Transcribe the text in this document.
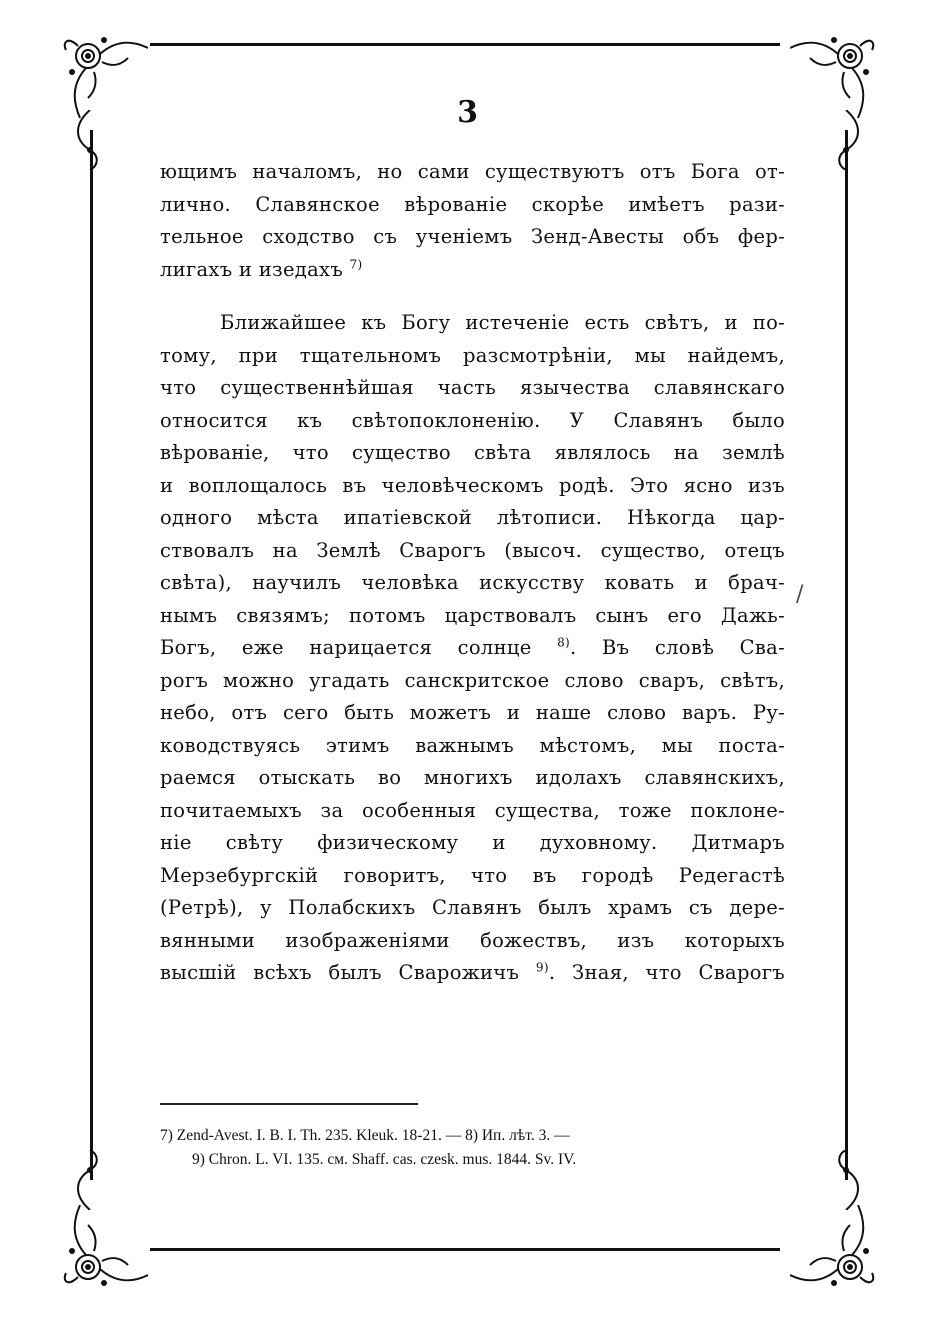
3
ющимъ началомъ, но сами существуютъ отъ Бога от-
лично. Славянское вѣрованіе скорѣе имѣетъ рази-
тельное сходство съ ученіемъ Зенд-Авесты объ фер-
лигахъ и изедахъ $^{7)}$
Ближайшее къ Богу истеченіе есть свѣтъ, и по-
тому, при тщательномъ разсмотрѣніи, мы найдемъ,
что существеннѣйшая часть язычества славянскаго
относится къ свѣтопоклоненію. У Славянъ было
вѣрованіе, что существо свѣта являлось на землѣ
и воплощалось въ человѣческомъ родѣ. Это ясно изъ
одного мѣста ипатіевской лѣтописи. Нѣкогда цар-
ствовалъ на Землѣ Сварогъ (высоч. существо, отецъ
свѣта), научилъ человѣка искусству ковать и брач-
нымъ связямъ; потомъ царствовалъ сынъ его Дажь-
Богъ, еже нарицается солнце $^{8)}$. Въ словѣ Сва-
рогъ можно угадать санскритское слово сваръ, свѣтъ,
небо, отъ сего быть можетъ и наше слово варъ. Ру-
ководствуясь этимъ важнымъ мѣстомъ, мы поста-
раемся отыскать во многихъ идолахъ славянскихъ,
почитаемыхъ за особенныя существа, тоже поклоне-
ніе свѣту физическому и духовному. Дитмаръ
Мерзебургскій говоритъ, что въ городѣ Редегастѣ
(Ретрѣ), у Полабскихъ Славянъ былъ храмъ съ дере-
вянными изображеніями божествъ, изъ которыхъ
высшій всѣхъ былъ Сварожичъ $^{9)}$. Зная, что Сварогъ
/
7) Zend-Avest. I. B. I. Th. 235. Kleuk. 18-21. — 8) Ип. лѣт. 3. —
9) Chron. L. VI. 135. см. Shaff. cas. czesk. mus. 1844. Sv. IV.
